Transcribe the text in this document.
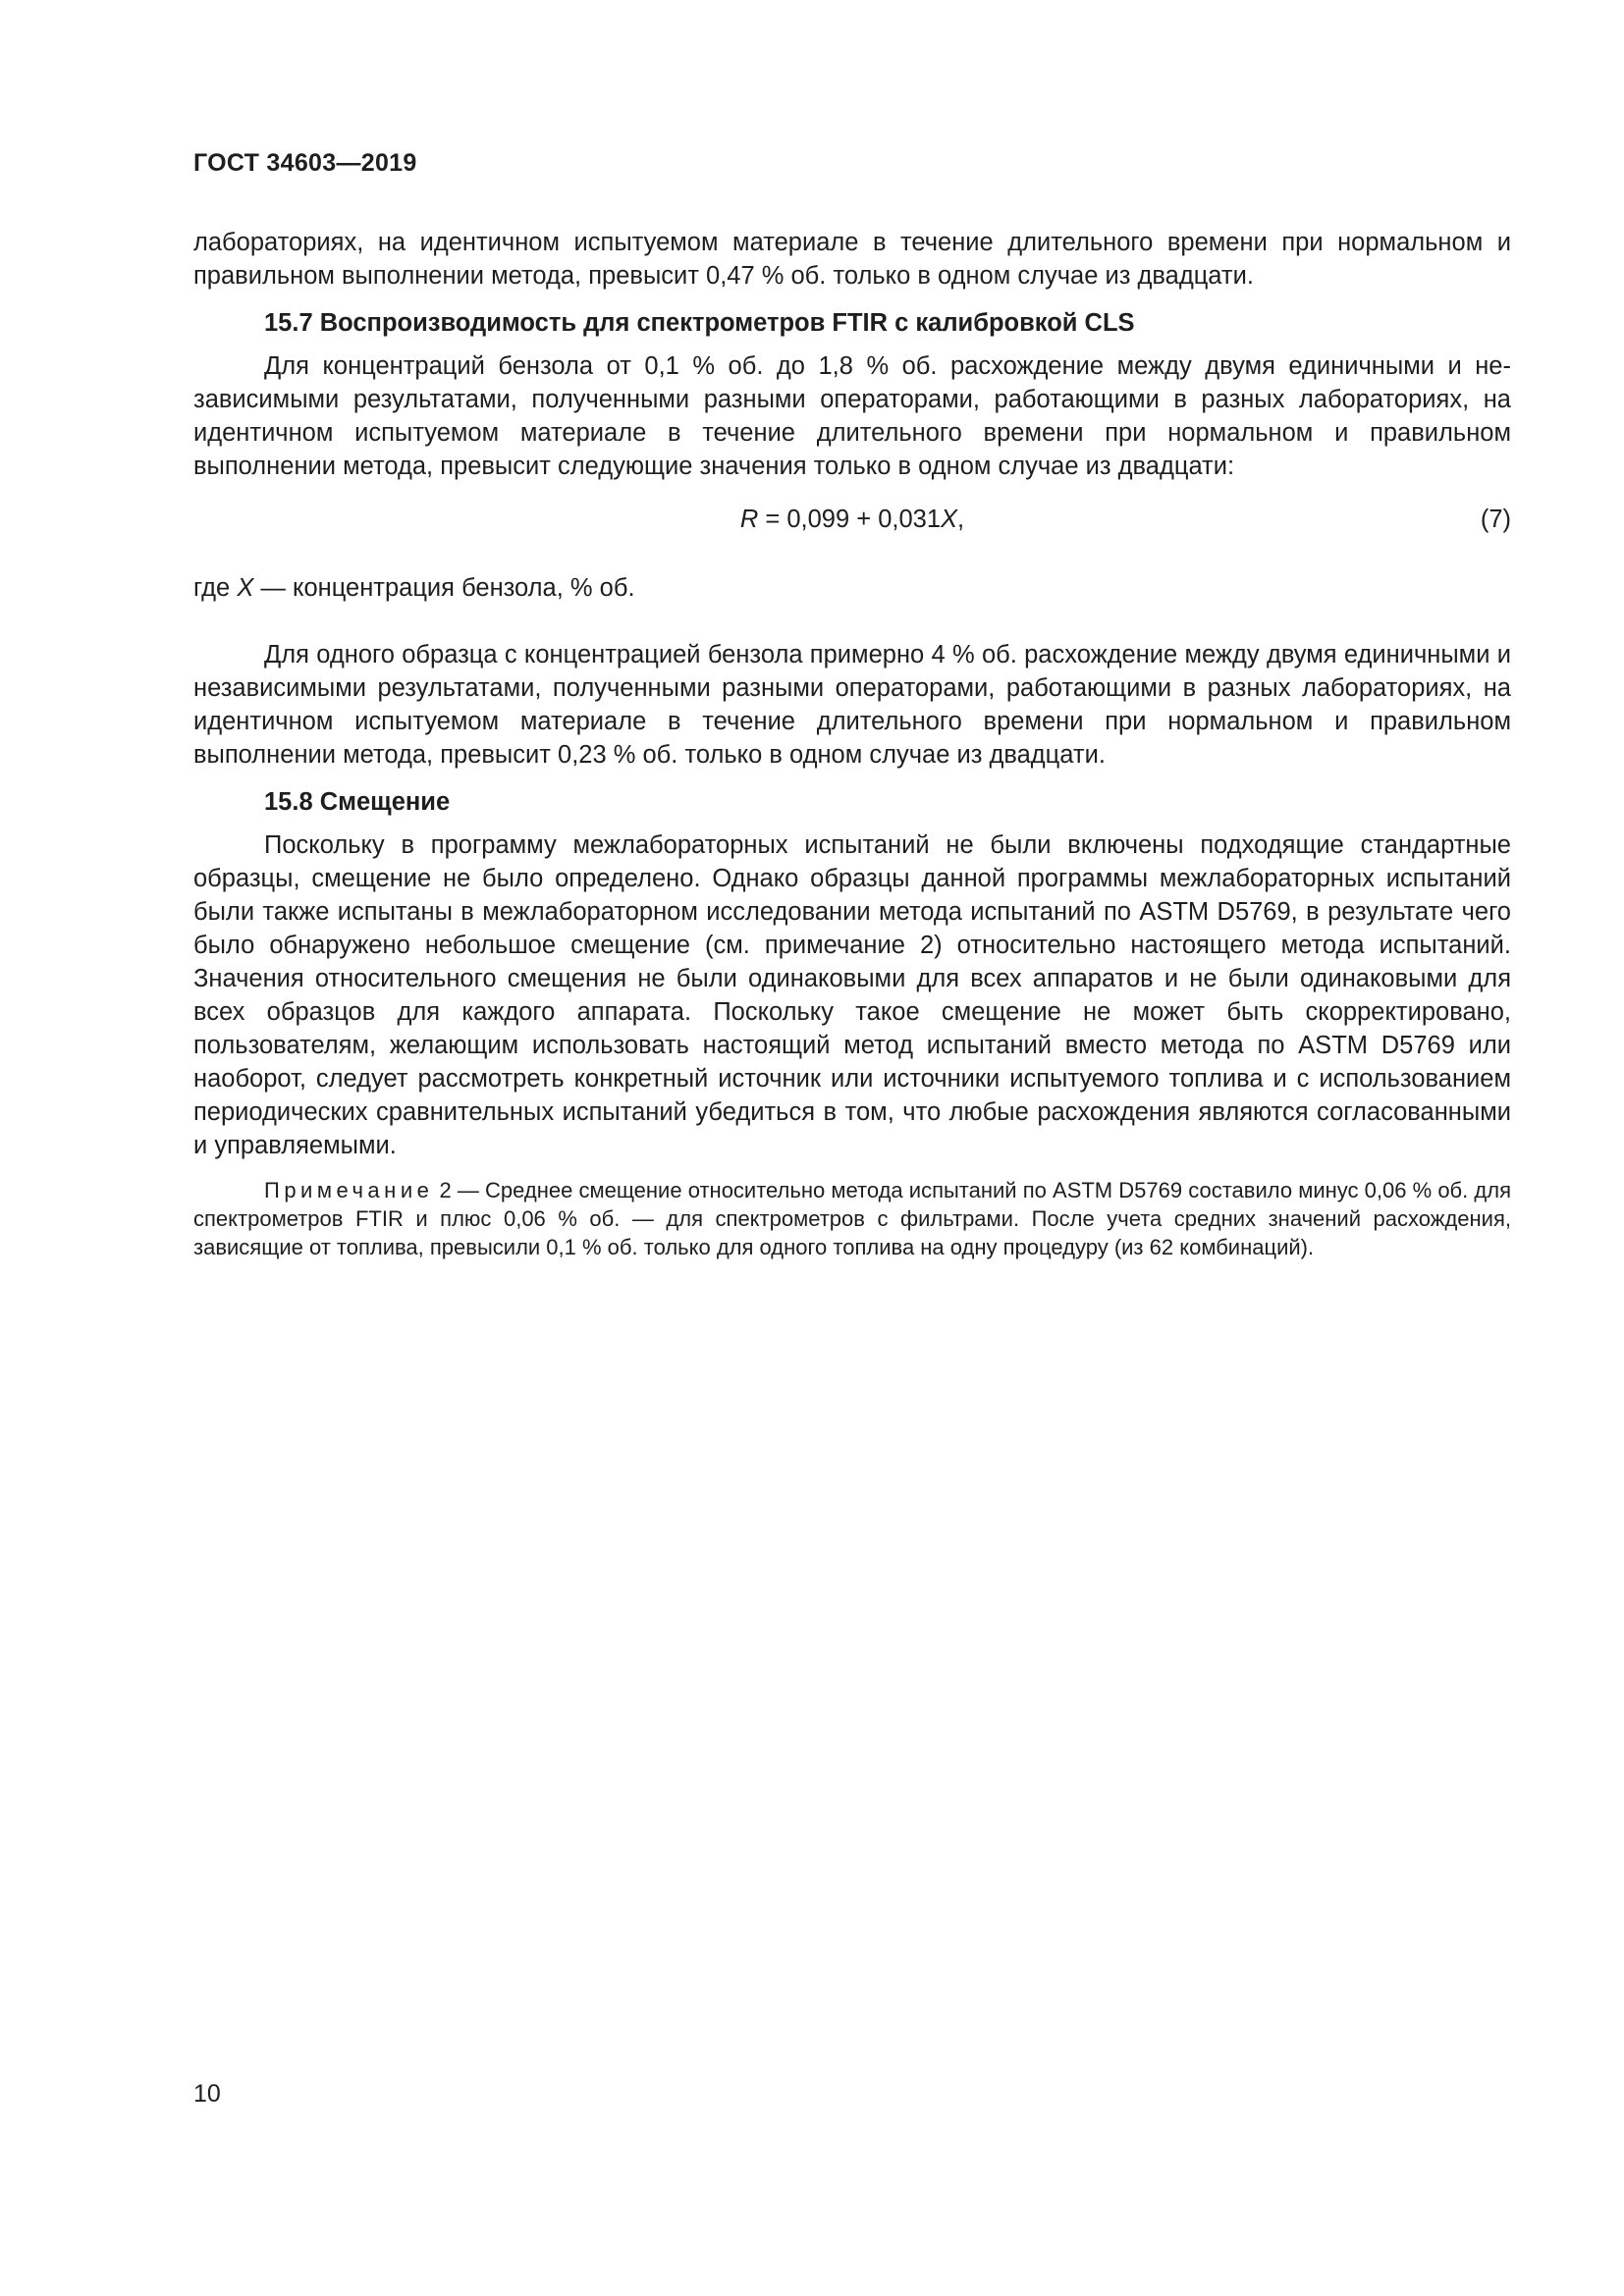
ГОСТ 34603—2019

лабораториях, на идентичном испытуемом материале в течение длительного времени при нормальном и правильном выполнении метода, превысит 0,47 % об. только в одном случае из двадцати.

15.7 Воспроизводимость для спектрометров FTIR с калибровкой CLS

Для концентраций бензола от 0,1 % об. до 1,8 % об. расхождение между двумя единичными и независимыми результатами, полученными разными операторами, работающими в разных лабораториях, на идентичном испытуемом материале в течение длительного времени при нормальном и правильном выполнении метода, превысит следующие значения только в одном случае из двадцати:

R = 0,099 + 0,031X,	(7)

где X — концентрация бензола, % об.

Для одного образца с концентрацией бензола примерно 4 % об. расхождение между двумя единичными и независимыми результатами, полученными разными операторами, работающими в разных лабораториях, на идентичном испытуемом материале в течение длительного времени при нормальном и правильном выполнении метода, превысит 0,23 % об. только в одном случае из двадцати.

15.8 Смещение

Поскольку в программу межлабораторных испытаний не были включены подходящие стандартные образцы, смещение не было определено. Однако образцы данной программы межлабораторных испытаний были также испытаны в межлабораторном исследовании метода испытаний по ASTM D5769, в результате чего было обнаружено небольшое смещение (см. примечание 2) относительно настоящего метода испытаний. Значения относительного смещения не были одинаковыми для всех аппаратов и не были одинаковыми для всех образцов для каждого аппарата. Поскольку такое смещение не может быть скорректировано, пользователям, желающим использовать настоящий метод испытаний вместо метода по ASTM D5769 или наоборот, следует рассмотреть конкретный источник или источники испытуемого топлива и с использованием периодических сравнительных испытаний убедиться в том, что любые расхождения являются согласованными и управляемыми.

Примечание 2 — Среднее смещение относительно метода испытаний по ASTM D5769 составило минус 0,06 % об. для спектрометров FTIR и плюс 0,06 % об. — для спектрометров с фильтрами. После учета средних значений расхождения, зависящие от топлива, превысили 0,1 % об. только для одного топлива на одну процедуру (из 62 комбинаций).
10
